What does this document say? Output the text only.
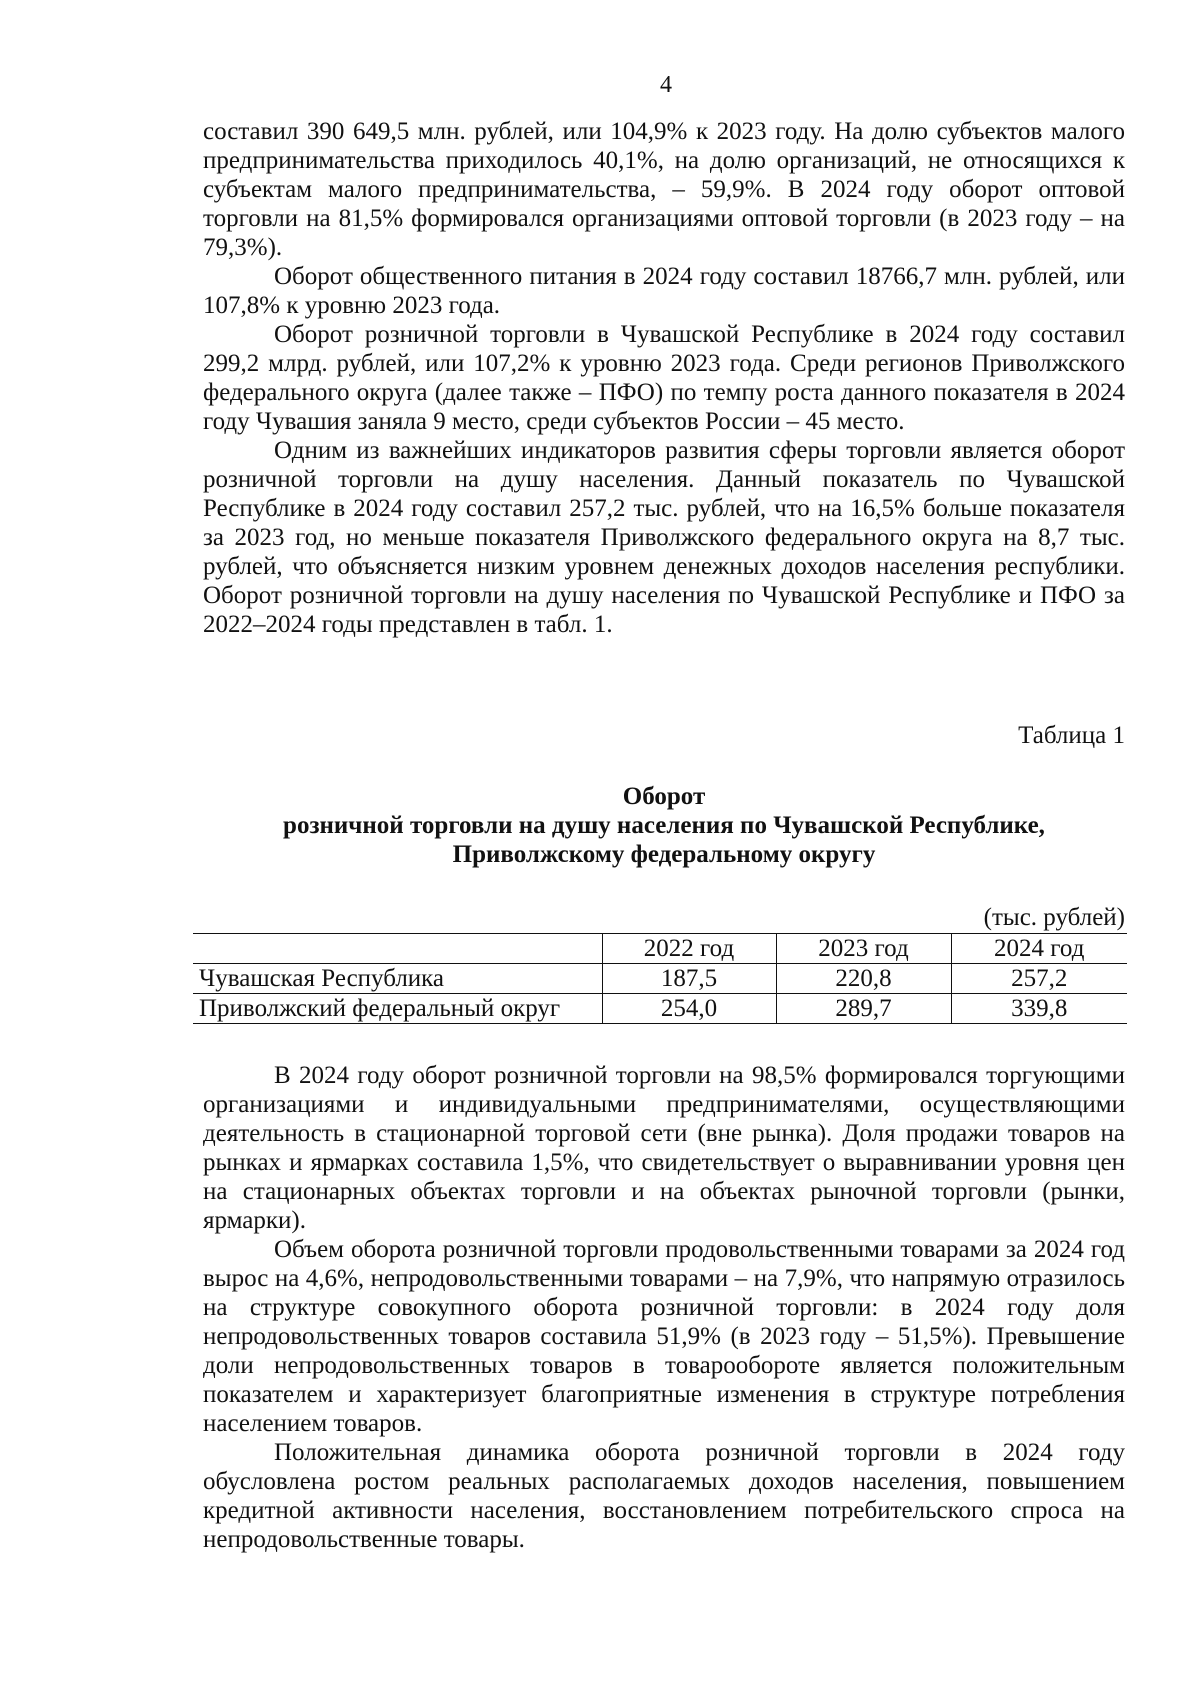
4

составил 390 649,5 млн. рублей, или 104,9% к 2023 году. На долю субъектов малого предпринимательства приходилось 40,1%, на долю организаций, не относящихся к субъектам малого предпринимательства, – 59,9%. В 2024 году оборот оптовой торговли на 81,5% формировался организациями оптовой торговли (в 2023 году – на 79,3%).

Оборот общественного питания в 2024 году составил 18766,7 млн. рублей, или 107,8% к уровню 2023 года.

Оборот розничной торговли в Чувашской Республике в 2024 году составил 299,2 млрд. рублей, или 107,2% к уровню 2023 года. Среди регионов Приволжского федерального округа (далее также – ПФО) по темпу роста данного показателя в 2024 году Чувашия заняла 9 место, среди субъектов России – 45 место.

Одним из важнейших индикаторов развития сферы торговли является оборот розничной торговли на душу населения. Данный показатель по Чувашской Республике в 2024 году составил 257,2 тыс. рублей, что на 16,5% больше показателя за 2023 год, но меньше показателя Приволжского федерального округа на 8,7 тыс. рублей, что объясняется низким уровнем денежных доходов населения республики. Оборот розничной торговли на душу населения по Чувашской Республике и ПФО за 2022–2024 годы представлен в табл. 1.

Таблица 1
Оборот
розничной торговли на душу населения по Чувашской Республике,
Приволжскому федеральному округу
(тыс. рублей)
	2022 год	2023 год	2024 год
Чувашская Республика	187,5	220,8	257,2
Приволжский федеральный округ	254,0	289,7	339,8

В 2024 году оборот розничной торговли на 98,5% формировался торгующими организациями и индивидуальными предпринимателями, осуществляющими деятельность в стационарной торговой сети (вне рынка). Доля продажи товаров на рынках и ярмарках составила 1,5%, что свидетельствует о выравнивании уровня цен на стационарных объектах торговли и на объектах рыночной торговли (рынки, ярмарки).

Объем оборота розничной торговли продовольственными товарами за 2024 год вырос на 4,6%, непродовольственными товарами – на 7,9%, что напрямую отразилось на структуре совокупного оборота розничной торговли: в 2024 году доля непродовольственных товаров составила 51,9% (в 2023 году – 51,5%). Превышение доли непродовольственных товаров в товарообороте является положительным показателем и характеризует благоприятные изменения в структуре потребления населением товаров.

Положительная динамика оборота розничной торговли в 2024 году обусловлена ростом реальных располагаемых доходов населения, повышением кредитной активности населения, восстановлением потребительского спроса на непродовольственные товары.
